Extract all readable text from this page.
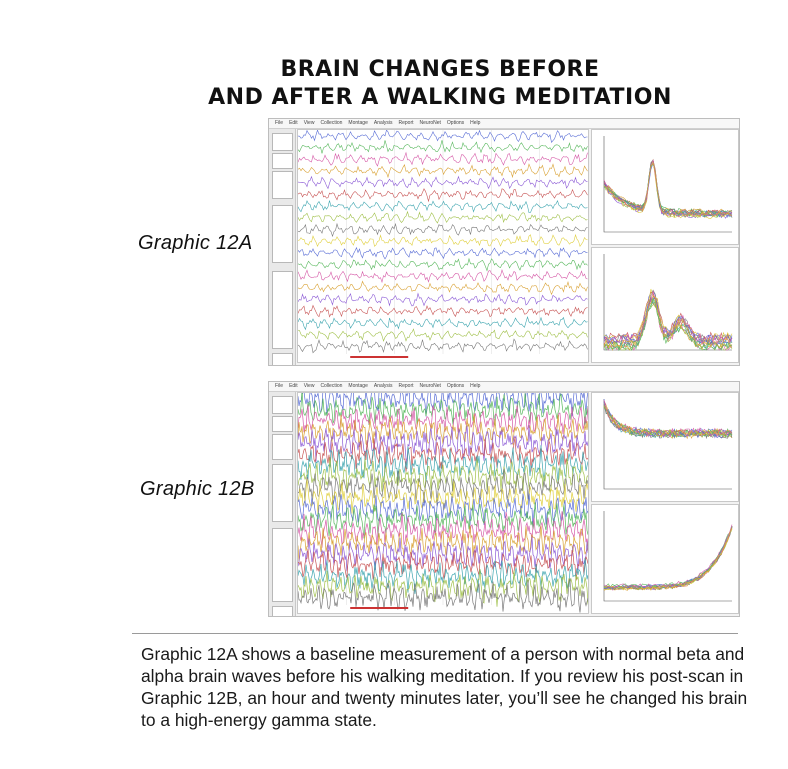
BRAIN CHANGES BEFORE
AND AFTER A WALKING MEDITATION
Graphic 12A
Graphic 12B
File Edit View Collection Montage Analysis Report NeuroNet Options Help
File Edit View Collection Montage Analysis Report NeuroNet Options Help

Graphic 12A shows a baseline measurement of a person with normal beta and alpha brain waves before his walking meditation. If you review his post-scan in Graphic 12B, an hour and twenty minutes later, you’ll see he changed his brain to a high-energy gamma state.
